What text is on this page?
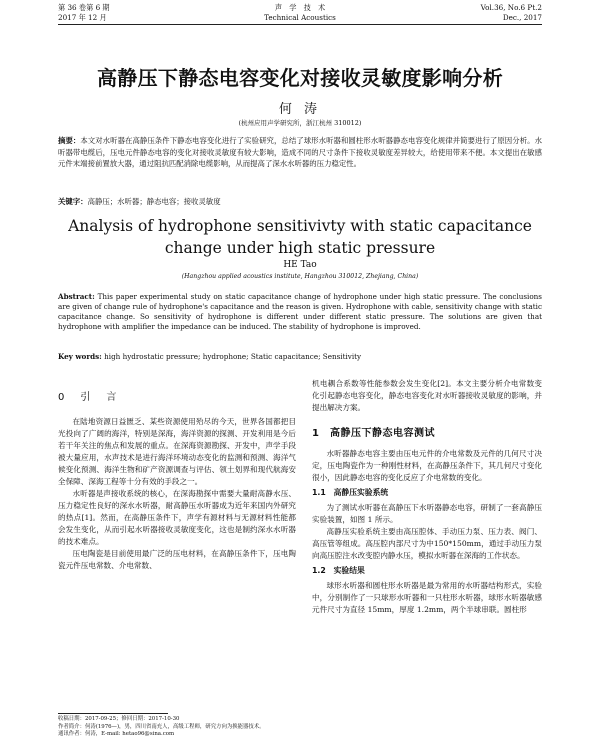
第 36 卷第 6 期
2017 年 12 月
声　学　技　术
Technical Acoustics
Vol.36, No.6 Pt.2
Dec., 2017
高静压下静态电容变化对接收灵敏度影响分析
何 涛
(杭州应用声学研究所，浙江杭州 310012)
摘要：本文对水听器在高静压条件下静态电容变化进行了实验研究，总结了球形水听器和圆柱形水听器静态电容变化规律并简要进行了原因分析。水听器带电缆后，压电元件静态电容的变化对接收灵敏度有较大影响，造成不同的尺寸条件下接收灵敏度差异较大，给使用带来不便。本文提出在敏感元件末端接前置放大器，通过阻抗匹配消除电缆影响，从而提高了深水水听器的压力稳定性。
关键字：高静压；水听器；静态电容；接收灵敏度
Analysis of hydrophone sensitivivty with static capacitance
change under high static pressure
HE Tao
(Hangzhou applied acoustics institute, Hangzhou 310012, Zhejiang, China)
Abstract: This paper experimental study on static capacitance change of hydrophone under high static pressure. The conclusions are given of change rule of hydrophone's capacitance and the reason is given. Hydrophone with cable, sensitivity change with static capacitance change. So sensitivity of hydrophone is different under different static pressure. The solutions are given that hydrophone with amplifier the impedance can be induced. The stability of hydrophone is improved.
Key words: high hydrostatic pressure; hydrophone; Static capacitance; Sensitivity
0　引　言

在陆地资源日益匮乏、某些资源使用殆尽的今天，世界各国都把目光投向了广阔的海洋，特别是深海，海洋资源的探测、开发利用是今后若干年关注的焦点和发展的重点。在深海资源勘探、开发中，声学手段被大量应用，水声技术是进行海洋环境动态变化的监测和预测、海洋气候变化预测、海洋生物和矿产资源调查与评估、领土划界和现代航海安全保障、深海工程等十分有效的手段之一。

水听器是声接收系统的核心，在深海勘探中需要大量耐高静水压、压力稳定性良好的深水水听器，耐高静压水听器成为近年来国内外研究的热点[1]。然而，在高静压条件下，声学有源材料与无源材料性能都会发生变化，从而引起水听器接收灵敏度变化，这也是制约深水水听器的技术难点。

压电陶瓷是目前使用最广泛的压电材料，在高静压条件下，压电陶瓷元件压电常数、介电常数、

机电耦合系数等性能参数会发生变化[2]。本文主要分析介电常数变化引起静态电容变化，静态电容变化对水听器接收灵敏度的影响，并提出解决方案。

1　高静压下静态电容测试

水听器静态电容主要由压电元件的介电常数及元件的几何尺寸决定，压电陶瓷作为一种刚性材料，在高静压条件下，其几何尺寸变化很小，因此静态电容的变化反应了介电常数的变化。

1.1　高静压实验系统

为了测试水听器在高静压下水听器静态电容，研制了一套高静压实验装置，如图 1 所示。

高静压实验系统主要由高压腔体、手动压力泵、压力表、阀门、高压管等组成。高压腔内部尺寸为中150*150mm，通过手动压力泵向高压腔注水改变腔内静水压，模拟水听器在深海的工作状态。

1.2　实验结果

球形水听器和圆柱形水听器是最为常用的水听器结构形式，实验中，分别制作了一只球形水听器和一只柱形水听器，球形水听器敏感元件尺寸为直径 15mm，厚度 1.2mm，两个半球串联。圆柱形

收稿日期：2017-09-25；修回日期：2017-10-30
作者简介：何涛(1976—)，男，四川省南充人，高级工程师，研究方向为换能器技术。
通讯作者：何涛，E-mail: hetao96@sina.com
